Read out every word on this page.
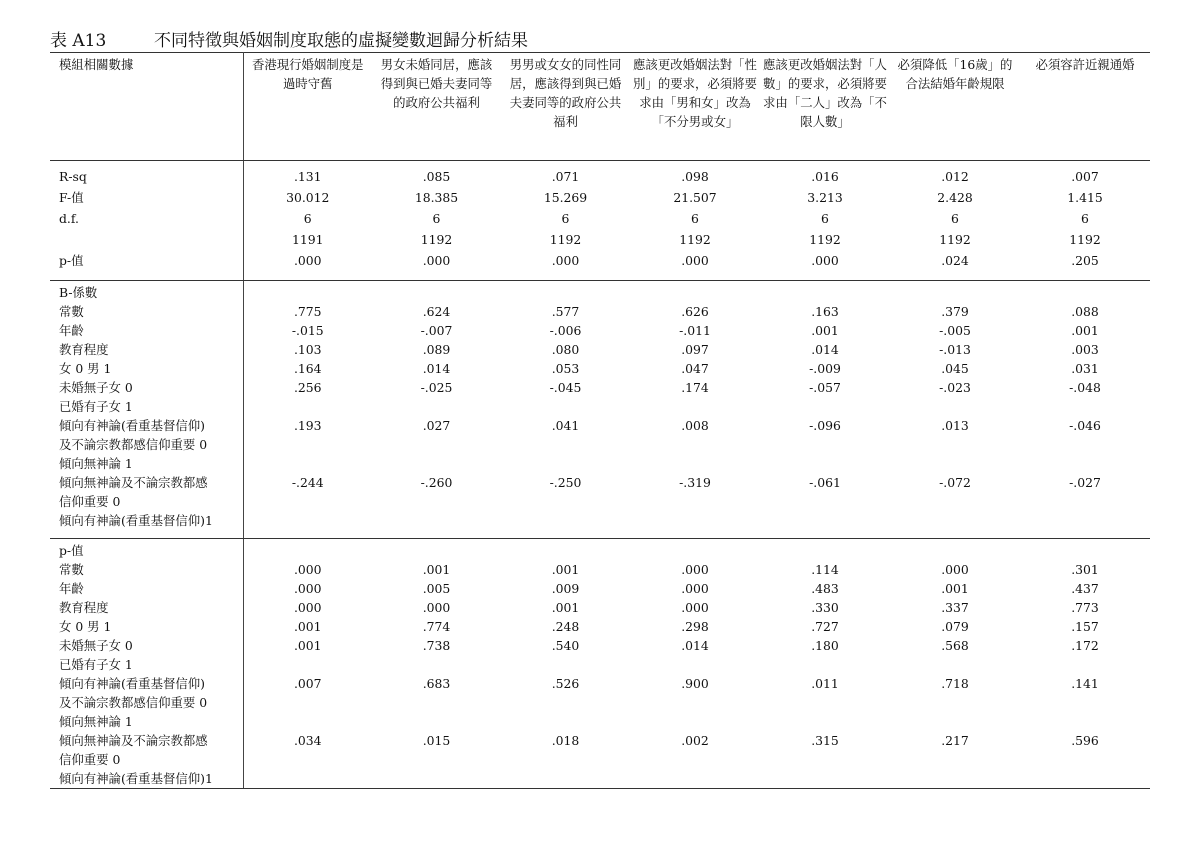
表 A13	不同特徵與婚姻制度取態的虛擬變數迴歸分析結果
模組相關數據	香港現行婚姻制度是過時守舊	男女未婚同居，應該得到與已婚夫妻同等的政府公共福利	男男或女女的同性同居，應該得到與已婚夫妻同等的政府公共福利	應該更改婚姻法對「性別」的要求，必須將要求由「男和女」改為「不分男或女」	應該更改婚姻法對「人數」的要求，必須將要求由「二人」改為「不限人數」	必須降低「16歲」的合法結婚年齡規限	必須容許近親通婚
R-sq	.131	.085	.071	.098	.016	.012	.007
F-值	30.012	18.385	15.269	21.507	3.213	2.428	1.415
d.f.	6	6	6	6	6	6	6
	1191	1192	1192	1192	1192	1192	1192
p-值	.000	.000	.000	.000	.000	.024	.205
B-係數							
常數	.775	.624	.577	.626	.163	.379	.088
年齡	-.015	-.007	-.006	-.011	.001	-.005	.001
教育程度	.103	.089	.080	.097	.014	-.013	.003
女 0 男 1	.164	.014	.053	.047	-.009	.045	.031
未婚無子女 0	.256	-.025	-.045	.174	-.057	-.023	-.048
已婚有子女 1							
傾向有神論(看重基督信仰)	.193	.027	.041	.008	-.096	.013	-.046
及不論宗教都感信仰重要 0							
傾向無神論 1							
傾向無神論及不論宗教都感	-.244	-.260	-.250	-.319	-.061	-.072	-.027
信仰重要 0							
傾向有神論(看重基督信仰)1							
p-值							
常數	.000	.001	.001	.000	.114	.000	.301
年齡	.000	.005	.009	.000	.483	.001	.437
教育程度	.000	.000	.001	.000	.330	.337	.773
女 0 男 1	.001	.774	.248	.298	.727	.079	.157
未婚無子女 0	.001	.738	.540	.014	.180	.568	.172
已婚有子女 1							
傾向有神論(看重基督信仰)	.007	.683	.526	.900	.011	.718	.141
及不論宗教都感信仰重要 0							
傾向無神論 1							
傾向無神論及不論宗教都感	.034	.015	.018	.002	.315	.217	.596
信仰重要 0							
傾向有神論(看重基督信仰)1							
